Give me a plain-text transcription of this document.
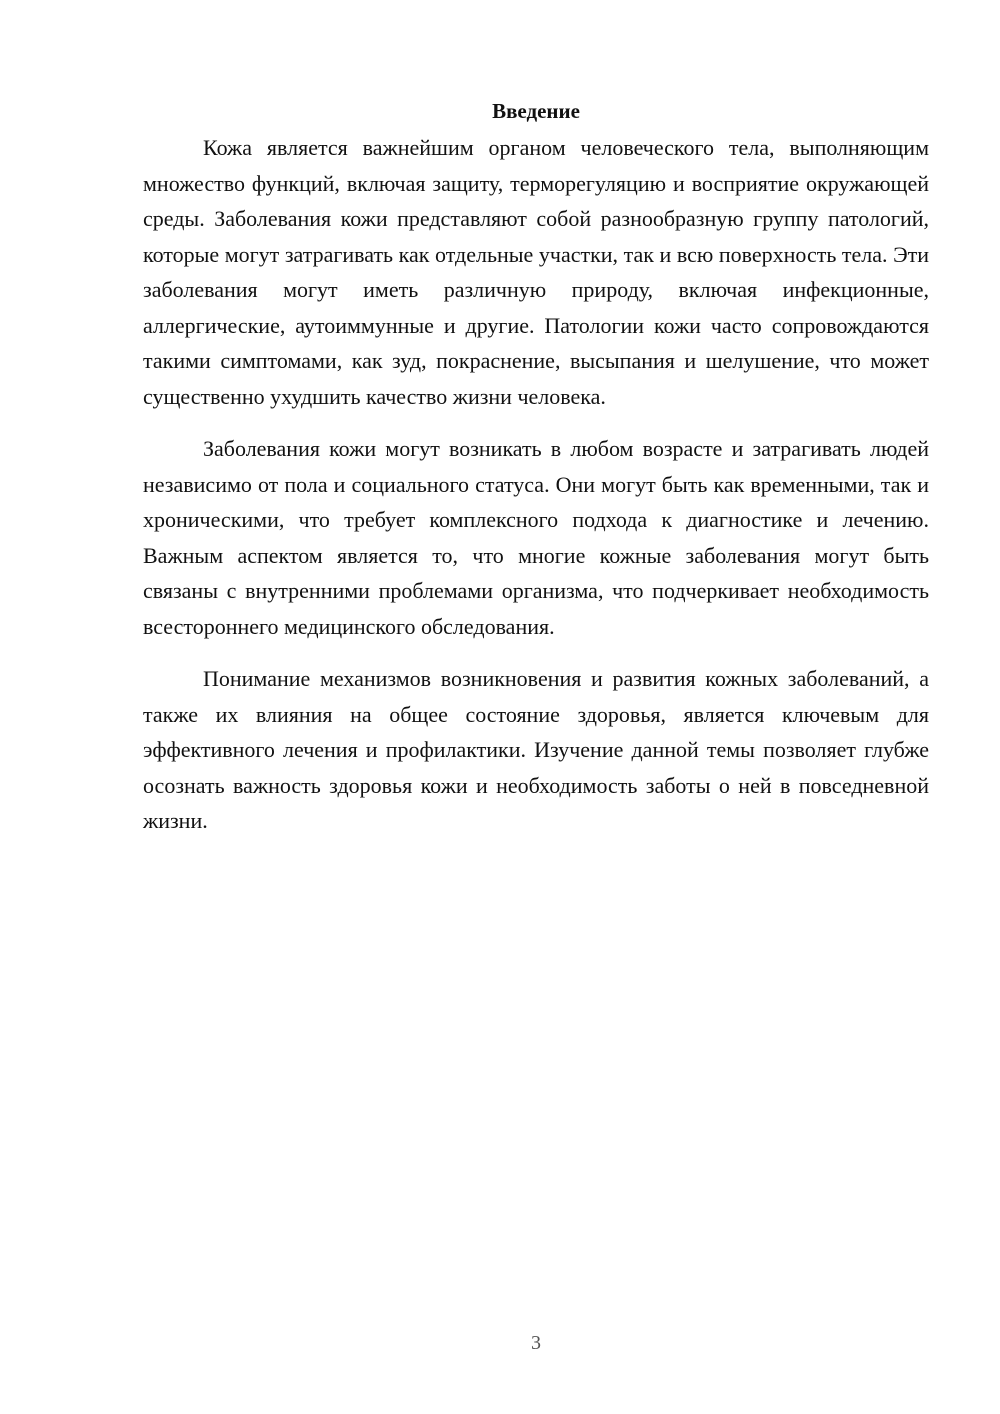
Введение

Кожа является важнейшим органом человеческого тела, выполняющим множество функций, включая защиту, терморегуляцию и восприятие окружающей среды. Заболевания кожи представляют собой разнообразную группу патологий, которые могут затрагивать как отдельные участки, так и всю поверхность тела. Эти заболевания могут иметь различную природу, включая инфекционные, аллергические, аутоиммунные и другие. Патологии кожи часто сопровождаются такими симптомами, как зуд, покраснение, высыпания и шелушение, что может существенно ухудшить качество жизни человека.

Заболевания кожи могут возникать в любом возрасте и затрагивать людей независимо от пола и социального статуса. Они могут быть как временными, так и хроническими, что требует комплексного подхода к диагностике и лечению. Важным аспектом является то, что многие кожные заболевания могут быть связаны с внутренними проблемами организма, что подчеркивает необходимость всестороннего медицинского обследования.

Понимание механизмов возникновения и развития кожных заболеваний, а также их влияния на общее состояние здоровья, является ключевым для эффективного лечения и профилактики. Изучение данной темы позволяет глубже осознать важность здоровья кожи и необходимость заботы о ней в повседневной жизни.

3
